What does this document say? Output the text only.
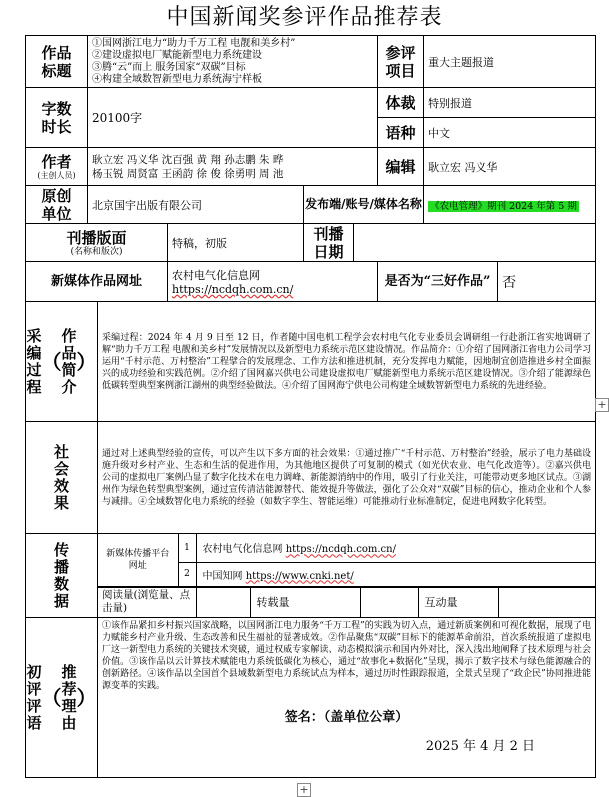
中国新闻奖参评作品推荐表
作品
标题	
①国网浙江电力“助力千万工程 电靓和美乡村”
②建设虚拟电厂赋能新型电力系统建设
③腾“云”而上 服务国家“双碳”目标
④构建全域数智新型电力系统海宁样板
	参评
项目	重大主题报道
字数
时长	20100字	体裁	特别报道
语种	中文
作者
(主创人员)

耿立宏 冯义华 沈百强 黄 翔 孙志鹏 朱 晔
杨玉锐 周贤富 王函韵 徐 俊 徐勇明 周 池	编辑	耿立宏 冯义华
原创
单位	北京国宇出版有限公司	发布端/账号/媒体名称	《农电管理》期刊 2024 年第 5 期
刊播版面
(名称和版次)
	特稿，初版	刊播
日期	
新媒体作品网址	农村电气化信息网 https://ncdqh.com.cn/	是否为“三好作品”	否

采
编
过
程
（
作
品
简
介
）
	采编过程：2024 年 4 月 9 日至 12 日，作者随中国电机工程学会农村电气化专业委员会调研组一行赴浙江省实地调研了解“助力千万工程 电靓和美乡村”发展情况以及新型电力系统示范区建设情况。作品简介：①介绍了国网浙江省电力公司学习运用“千村示范、万村整治”工程擘合的发展理念、工作方法和推进机制，充分发挥电力赋能，因地制宜创造推进乡村全面振兴的成功经验和实践范例。②介绍了国网嘉兴供电公司建设虚拟电厂赋能新型电力系统示范区建设情况。③介绍了能源绿色低碳转型典型案例浙江湖州的典型经验做法。④介绍了国网海宁供电公司构建全域数智新型电力系统的先进经验。

社
会
效
果
	通过对上述典型经验的宣传，可以产生以下多方面的社会效果：①通过推广“千村示范、万村整治”经验，展示了电力基础设施升级对乡村产业、生态和生活的促进作用，为其他地区提供了可复制的模式（如光伏农业、电气化改造等）。②嘉兴供电公司的虚拟电厂案例凸显了数字化技术在电力调峰、新能源消纳中的作用，吸引了行业关注，可能带动更多地区试点。③湖州作为绿色转型典型案例，通过宣传清洁能源替代、能效提升等做法，强化了公众对“双碳”目标的信心，推动企业和个人参与减排。④全域数智化电力系统的经验（如数字孪生、智能运维）可能推动行业标准制定，促进电网数字化转型。

传
播
数
据

新媒体传播平台网址	1	农村电气化信息网 https://ncdqh.com.cn/
2	中国知网 https://www.cnki.net/
阅读量(浏览量、点击量)		转载量		互动量	

初
评
评
语
（
推
荐
理
由
）

①该作品紧扣乡村振兴国家战略，以国网浙江电力服务“千万工程”的实践为切入点，通过新质案例和可视化数据，展现了电力赋能乡村产业升级、生态改善和民生福祉的显著成效。②作品聚焦“双碳”目标下的能源革命前沿，首次系统报道了虚拟电厂这一新型电力系统的关键技术突破，通过权威专家解读、动态模拟演示和国内外对比，深入浅出地阐释了技术原理与社会价值。③该作品以云计算技术赋能电力系统低碳化为核心，通过“故事化+数据化”呈现，揭示了数字技术与绿色能源融合的创新路径。④该作品以全国首个县域数新型电力系统试点为样本，通过历时性跟踪报道，全景式呈现了“政企民”协同推进能源变革的实践。
签名：（盖单位公章）
2025 年 4 月 2 日
+
+
